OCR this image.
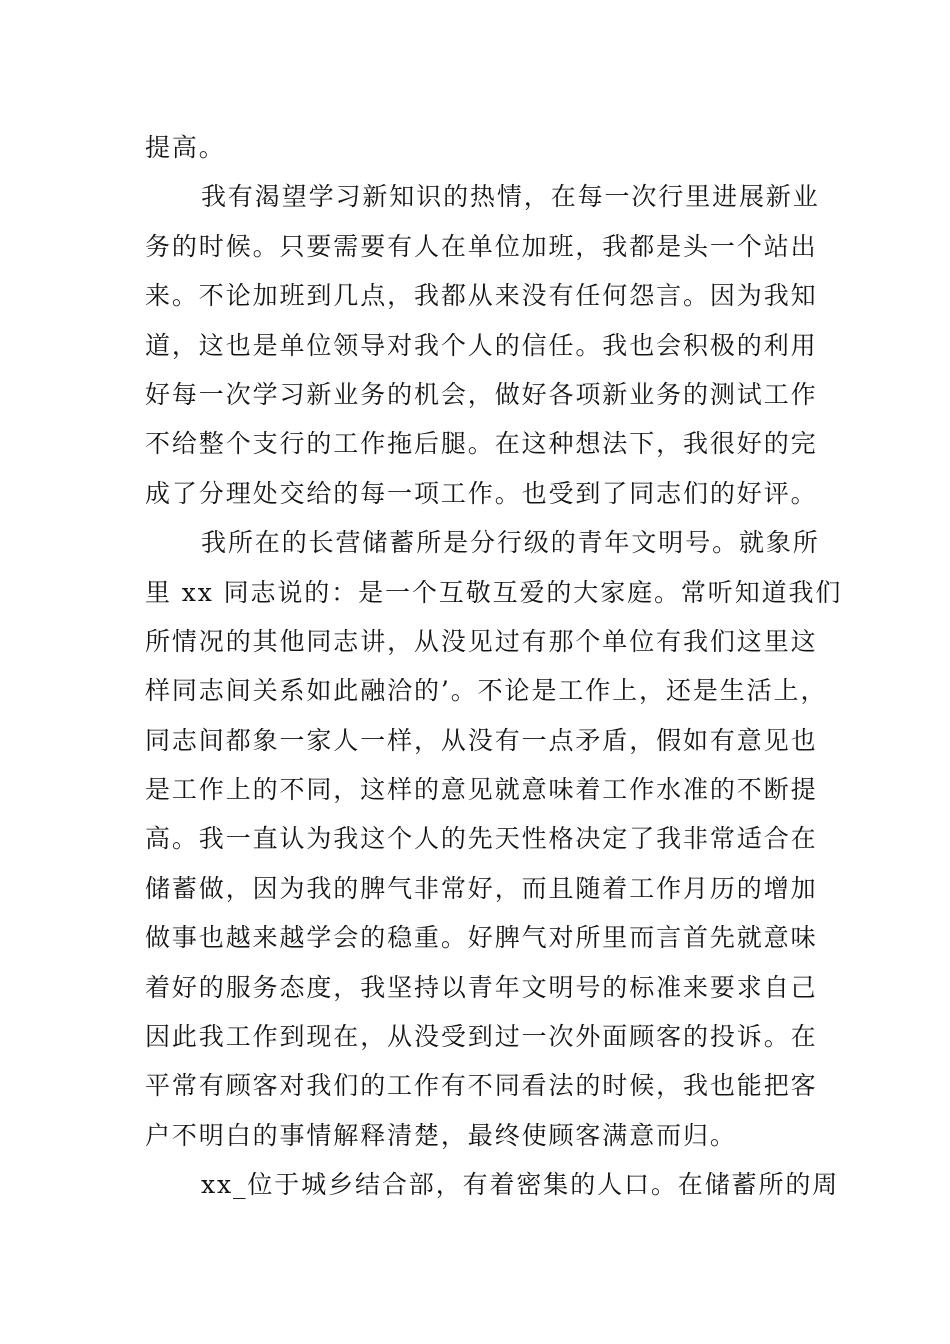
提高。
我有渴望学习新知识的热情，在每一次行里进展新业
务的时候。只要需要有人在单位加班，我都是头一个站出
来。不论加班到几点，我都从来没有任何怨言。因为我知
道，这也是单位领导对我个人的信任。我也会积极的利用
好每一次学习新业务的机会，做好各项新业务的测试工作
不给整个支行的工作拖后腿。在这种想法下，我很好的完
成了分理处交给的每一项工作。也受到了同志们的好评。
我所在的长营储蓄所是分行级的青年文明号。就象所
里 xx 同志说的：是一个互敬互爱的大家庭。常听知道我们
所情况的其他同志讲，从没见过有那个单位有我们这里这
样同志间关系如此融洽的’。不论是工作上，还是生活上，
同志间都象一家人一样，从没有一点矛盾，假如有意见也
是工作上的不同，这样的意见就意味着工作水准的不断提
高。我一直认为我这个人的先天性格决定了我非常适合在
储蓄做，因为我的脾气非常好，而且随着工作月历的增加
做事也越来越学会的稳重。好脾气对所里而言首先就意味
着好的服务态度，我坚持以青年文明号的标准来要求自己
因此我工作到现在，从没受到过一次外面顾客的投诉。在
平常有顾客对我们的工作有不同看法的时候，我也能把客
户不明白的事情解释清楚，最终使顾客满意而归。
xx_位于城乡结合部，有着密集的人口。在储蓄所的周
